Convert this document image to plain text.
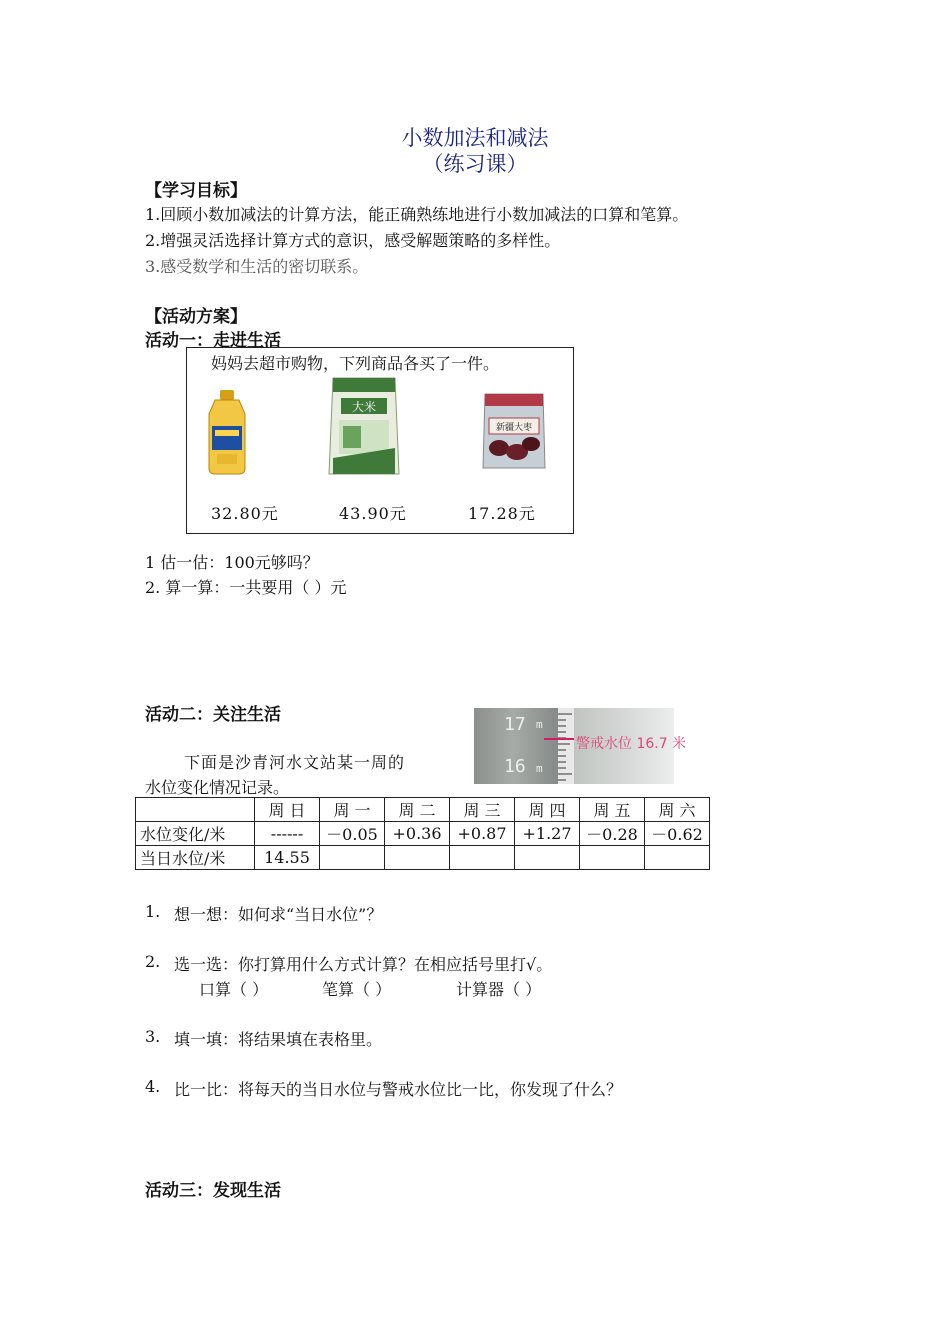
小数加法和减法
（练习课）
【学习目标】
1.回顾小数加减法的计算方法，能正确熟练地进行小数加减法的口算和笔算。
2.增强灵活选择计算方式的意识，感受解题策略的多样性。
3.感受数学和生活的密切联系。
【活动方案】
活动一：走进生活
妈妈去超市购物，下列商品各买了一件。
大米
新疆大枣
32.80元	43.90元	17.28元
1 估一估：100元够吗？
2. 算一算：一共要用（ ）元
活动二：关注生活	17 m
16 m
警戒水位 16.7 米
下面是沙青河水文站某一周的
水位变化情况记录。
	周 日	周 一	周 二	周 三	周 四	周 五	周 六
水位变化/米	------	－0.05	+0.36	+0.87	+1.27	－0.28	－0.62
当日水位/米	14.55						
1. 想一想：如何求“当日水位”？
2. 选一选：你打算用什么方式计算？在相应括号里打√。
口算（ ）	笔算（ ）	计算器（ ）
3. 填一填：将结果填在表格里。
4. 比一比：将每天的当日水位与警戒水位比一比，你发现了什么？
活动三：发现生活
